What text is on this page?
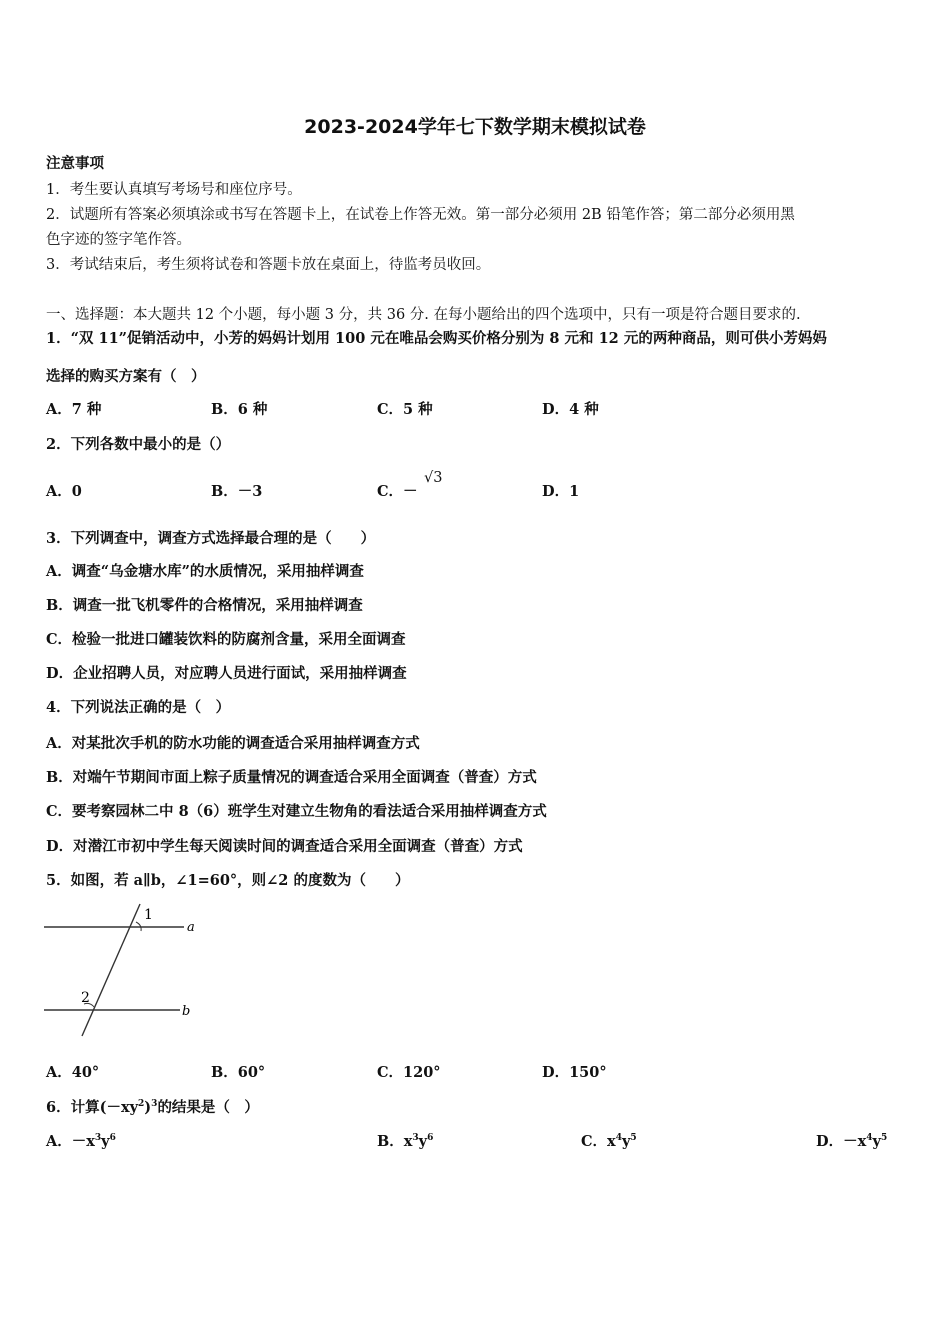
2023-2024学年七下数学期末模拟试卷
注意事项
1．考生要认真填写考场号和座位序号。
2．试题所有答案必须填涂或书写在答题卡上，在试卷上作答无效。第一部分必须用 2B 铅笔作答；第二部分必须用黑
色字迹的签字笔作答。
3．考试结束后，考生须将试卷和答题卡放在桌面上，待监考员收回。
一、选择题：本大题共 12 个小题，每小题 3 分，共 36 分. 在每小题给出的四个选项中，只有一项是符合题目要求的.
1．“双 11”促销活动中，小芳的妈妈计划用 100 元在唯品会购买价格分别为 8 元和 12 元的两种商品，则可供小芳妈妈
选择的购买方案有（　）
A．7 种	B．6 种	C．5 种	D．4 种
2．下列各数中最小的是（）
A．0	B．－3	C．－
√3
D．1
3．下列调查中，调查方式选择最合理的是（　　）
A．调查“乌金塘水库”的水质情况，采用抽样调查
B．调查一批飞机零件的合格情况，采用抽样调查
C．检验一批进口罐装饮料的防腐剂含量，采用全面调查
D．企业招聘人员，对应聘人员进行面试，采用抽样调查
4．下列说法正确的是（　）
A．对某批次手机的防水功能的调查适合采用抽样调查方式
B．对端午节期间市面上粽子质量情况的调查适合采用全面调查（普查）方式
C．要考察园林二中 8（6）班学生对建立生物角的看法适合采用抽样调查方式
D．对潜江市初中学生每天阅读时间的调查适合采用全面调查（普查）方式
5．如图，若 a∥b，∠1=60°，则∠2 的度数为（　　）
1
2
a
b
A．40°	B．60°	C．120°	D．150°
6．计算$(-xy^2)^3$的结果是（　）
A．$-x^3y^6$	B．$x^3y^6$	C．$x^4y^5$	D．$-x^4y^5$
